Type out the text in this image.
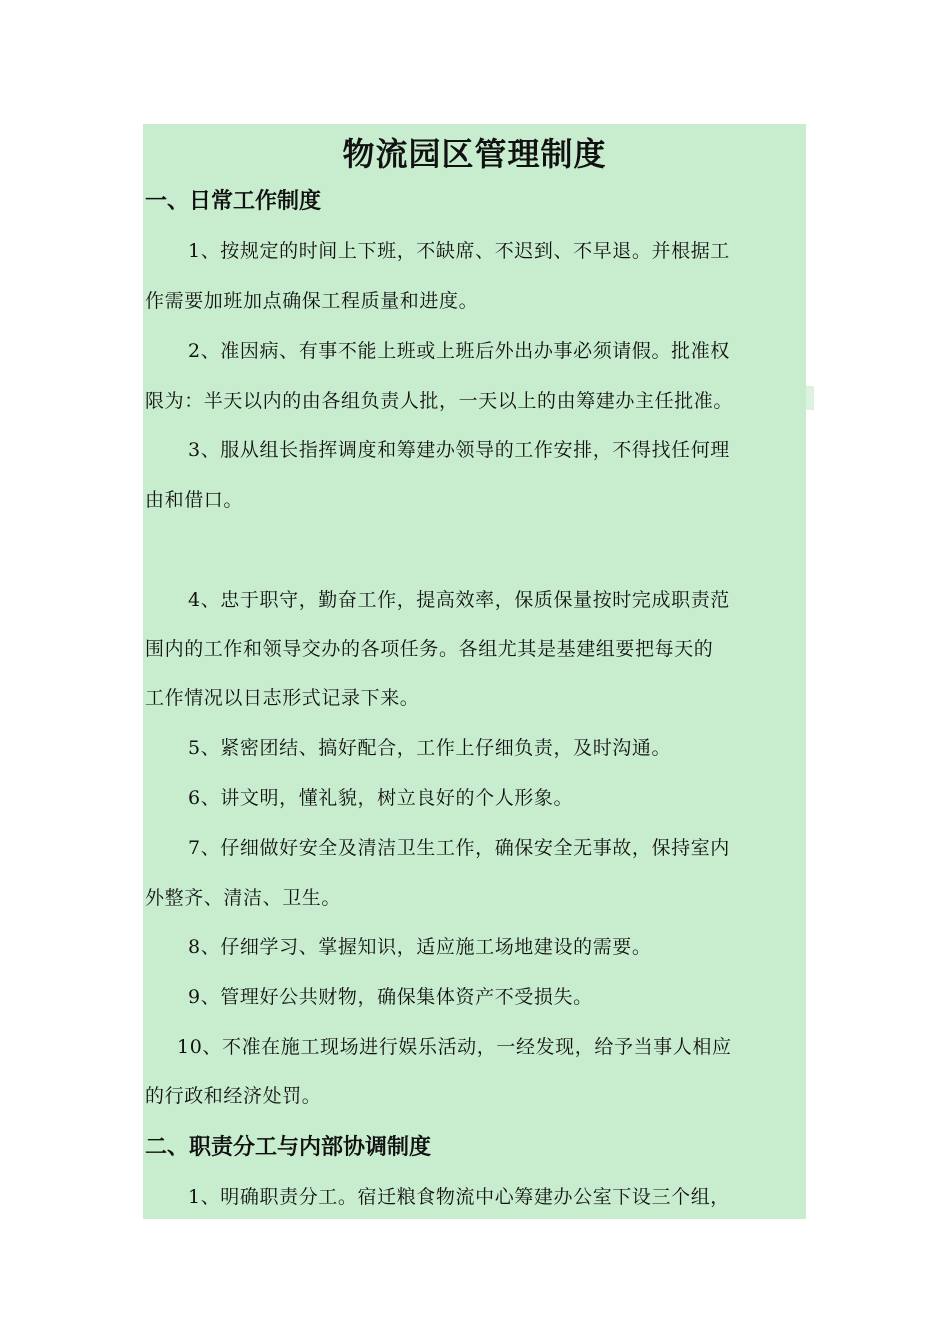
物流园区管理制度
一、日常工作制度
1、按规定的时间上下班，不缺席、不迟到、不早退。并根据工
作需要加班加点确保工程质量和进度。
2、准因病、有事不能上班或上班后外出办事必须请假。批准权
限为：半天以内的由各组负责人批，一天以上的由筹建办主任批准。
3、服从组长指挥调度和筹建办领导的工作安排，不得找任何理
由和借口。
4、忠于职守，勤奋工作，提高效率，保质保量按时完成职责范
围内的工作和领导交办的各项任务。各组尤其是基建组要把每天的
工作情况以日志形式记录下来。
5、紧密团结、搞好配合，工作上仔细负责，及时沟通。
6、讲文明，懂礼貌，树立良好的个人形象。
7、仔细做好安全及清洁卫生工作，确保安全无事故，保持室内
外整齐、清洁、卫生。
8、仔细学习、掌握知识，适应施工场地建设的需要。
9、管理好公共财物，确保集体资产不受损失。
10、不准在施工现场进行娱乐活动，一经发现，给予当事人相应
的行政和经济处罚。
二、职责分工与内部协调制度
1、明确职责分工。宿迁粮食物流中心筹建办公室下设三个组，
